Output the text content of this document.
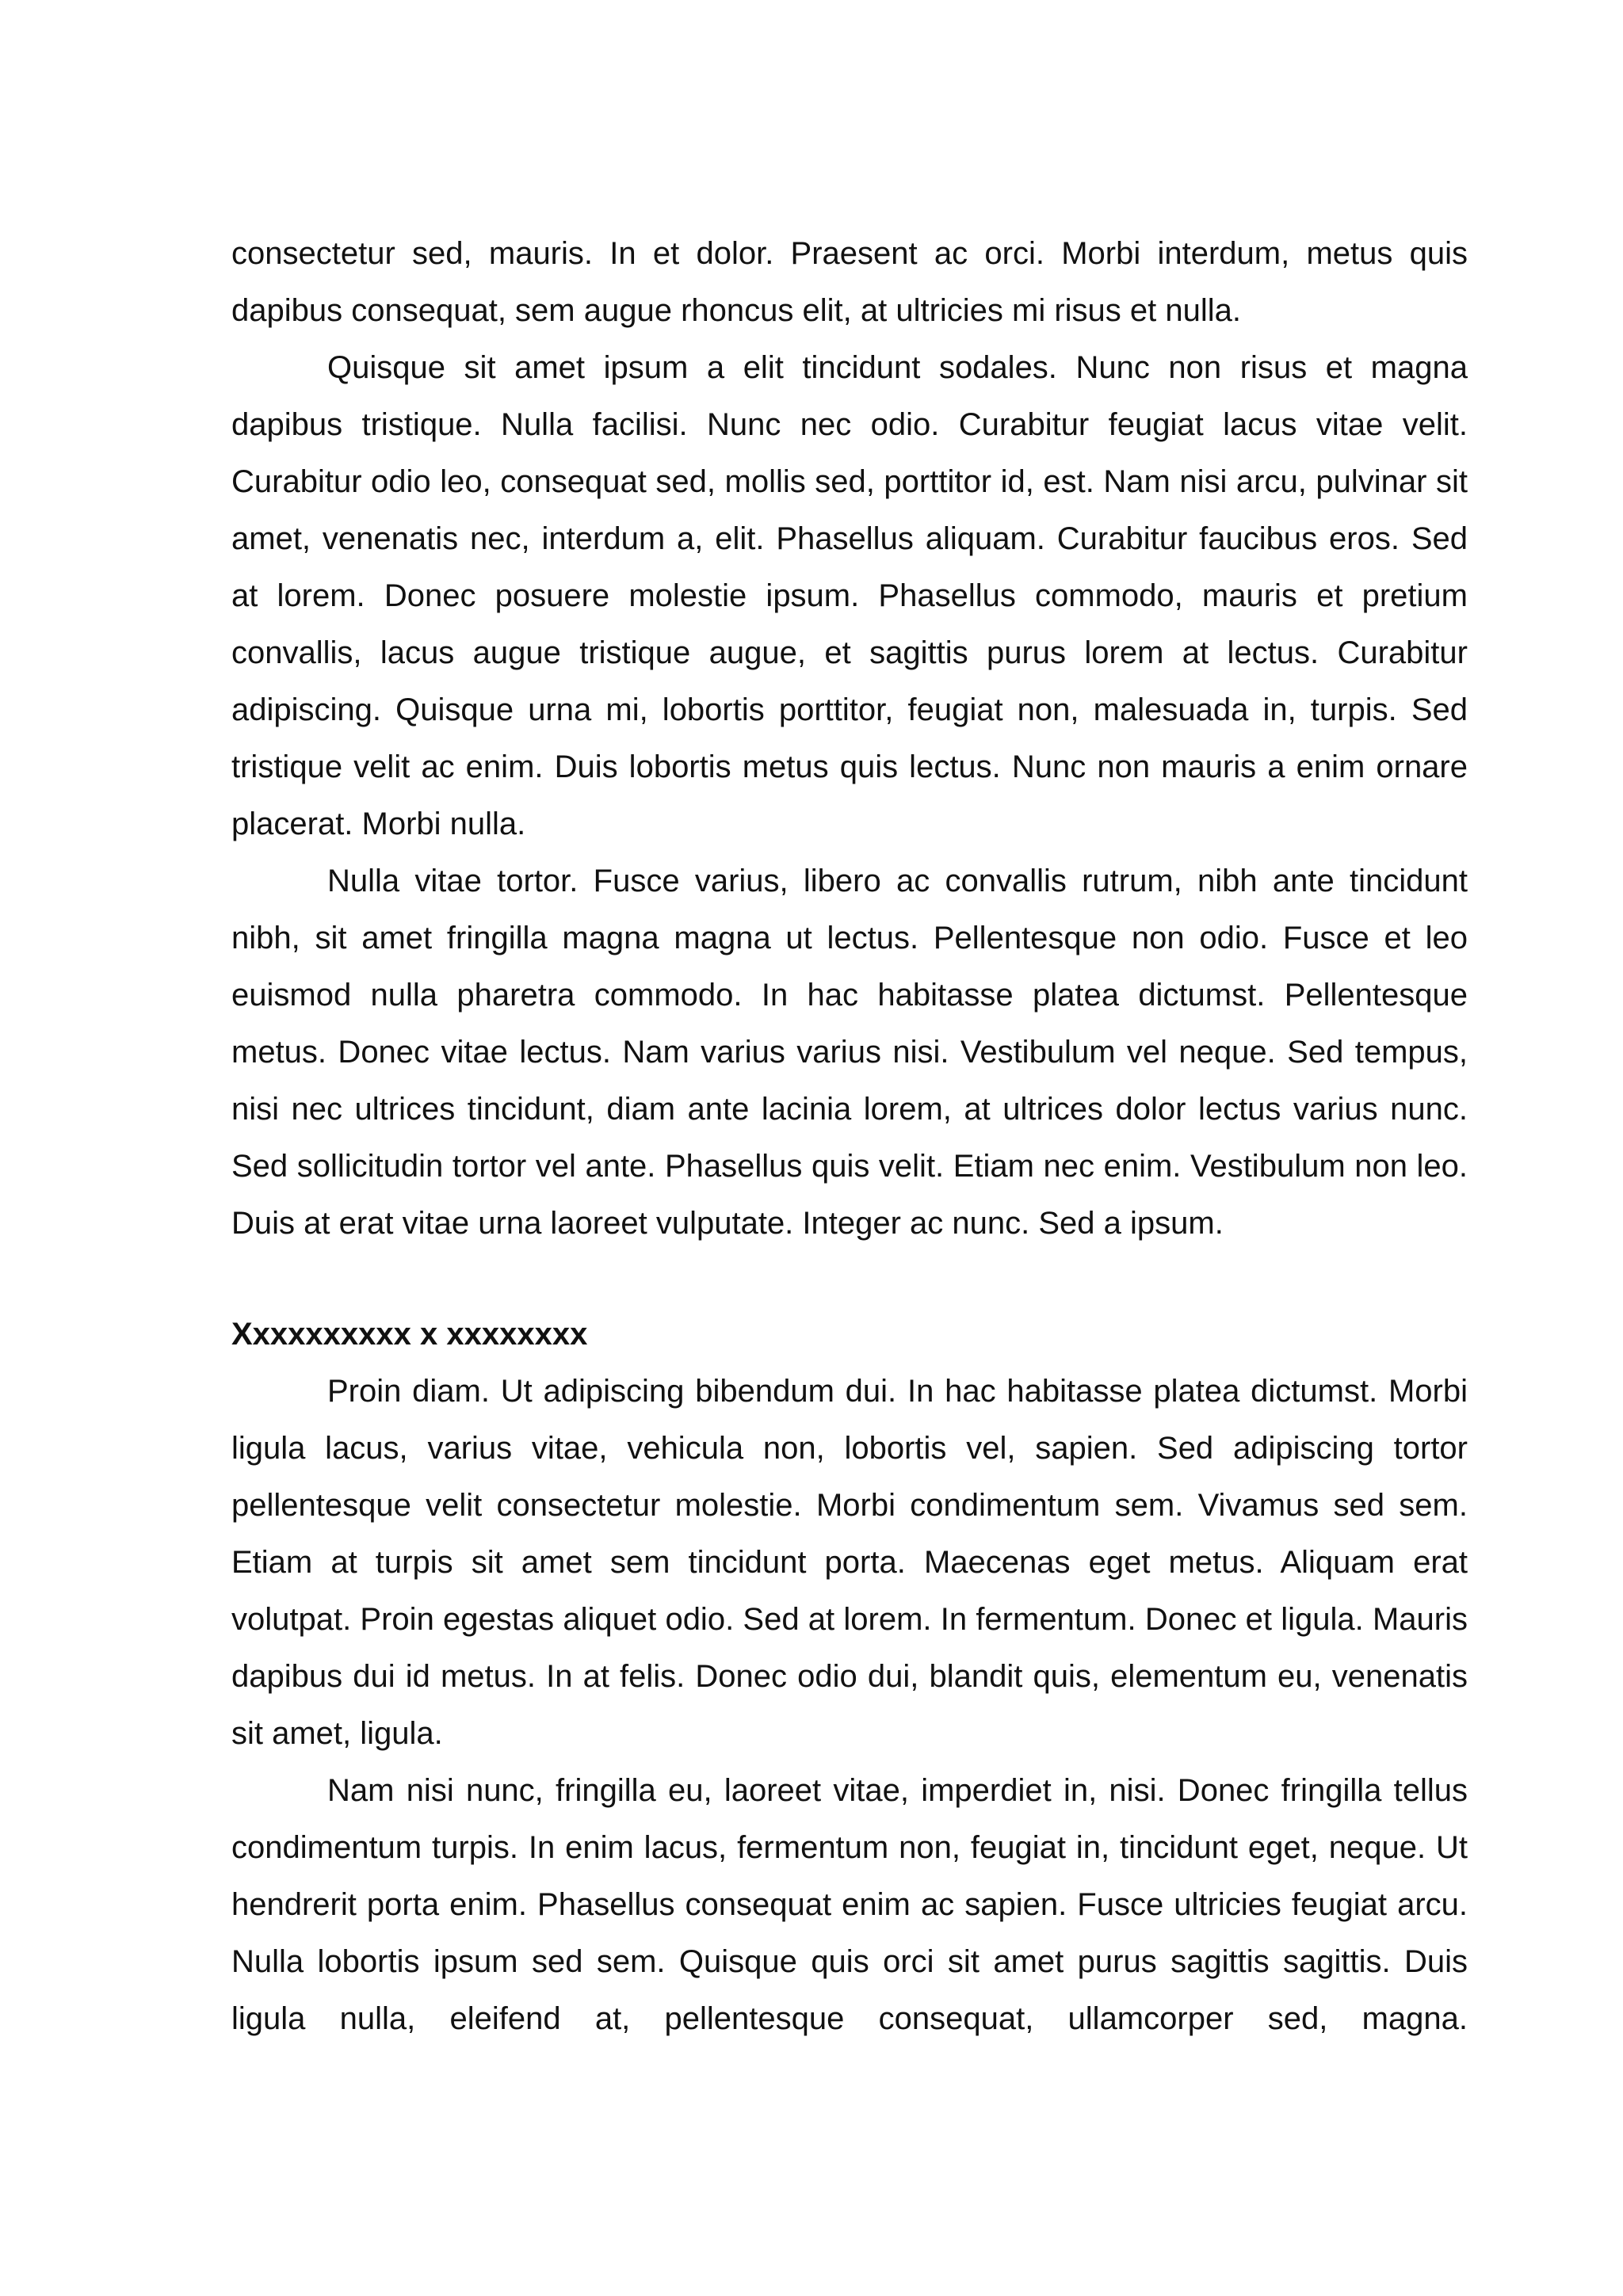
consectetur sed, mauris. In et dolor. Praesent ac orci. Morbi interdum, metus quis dapibus consequat, sem augue rhoncus elit, at ultricies mi risus et nulla.

Quisque sit amet ipsum a elit tincidunt sodales. Nunc non risus et magna dapibus tristique. Nulla facilisi. Nunc nec odio. Curabitur feugiat lacus vitae velit. Curabitur odio leo, consequat sed, mollis sed, porttitor id, est. Nam nisi arcu, pulvinar sit amet, venenatis nec, interdum a, elit. Phasellus aliquam. Curabitur faucibus eros. Sed at lorem. Donec posuere molestie ipsum. Phasellus commodo, mauris et pretium convallis, lacus augue tristique augue, et sagittis purus lorem at lectus. Curabitur adipiscing. Quisque urna mi, lobortis porttitor, feugiat non, malesuada in, turpis. Sed tristique velit ac enim. Duis lobortis metus quis lectus. Nunc non mauris a enim ornare placerat. Morbi nulla.

Nulla vitae tortor. Fusce varius, libero ac convallis rutrum, nibh ante tincidunt nibh, sit amet fringilla magna magna ut lectus. Pellentesque non odio. Fusce et leo euismod nulla pharetra commodo. In hac habitasse platea dictumst. Pellentesque metus. Donec vitae lectus. Nam varius varius nisi. Vestibulum vel neque. Sed tempus, nisi nec ultrices tincidunt, diam ante lacinia lorem, at ultrices dolor lectus varius nunc. Sed sollicitudin tortor vel ante. Phasellus quis velit. Etiam nec enim. Vestibulum non leo. Duis at erat vitae urna laoreet vulputate. Integer ac nunc. Sed a ipsum.

Xxxxxxxxxx x xxxxxxxx

Proin diam. Ut adipiscing bibendum dui. In hac habitasse platea dictumst. Morbi ligula lacus, varius vitae, vehicula non, lobortis vel, sapien. Sed adipiscing tortor pellentesque velit consectetur molestie. Morbi condimentum sem. Vivamus sed sem. Etiam at turpis sit amet sem tincidunt porta. Maecenas eget metus. Aliquam erat volutpat. Proin egestas aliquet odio. Sed at lorem. In fermentum. Donec et ligula. Mauris dapibus dui id metus. In at felis. Donec odio dui, blandit quis, elementum eu, venenatis sit amet, ligula.

Nam nisi nunc, fringilla eu, laoreet vitae, imperdiet in, nisi. Donec fringilla tellus condimentum turpis. In enim lacus, fermentum non, feugiat in, tincidunt eget, neque. Ut hendrerit porta enim. Phasellus consequat enim ac sapien. Fusce ultricies feugiat arcu. Nulla lobortis ipsum sed sem. Quisque quis orci sit amet purus sagittis sagittis. Duis ligula nulla, eleifend at, pellentesque consequat, ullamcorper sed, magna.
